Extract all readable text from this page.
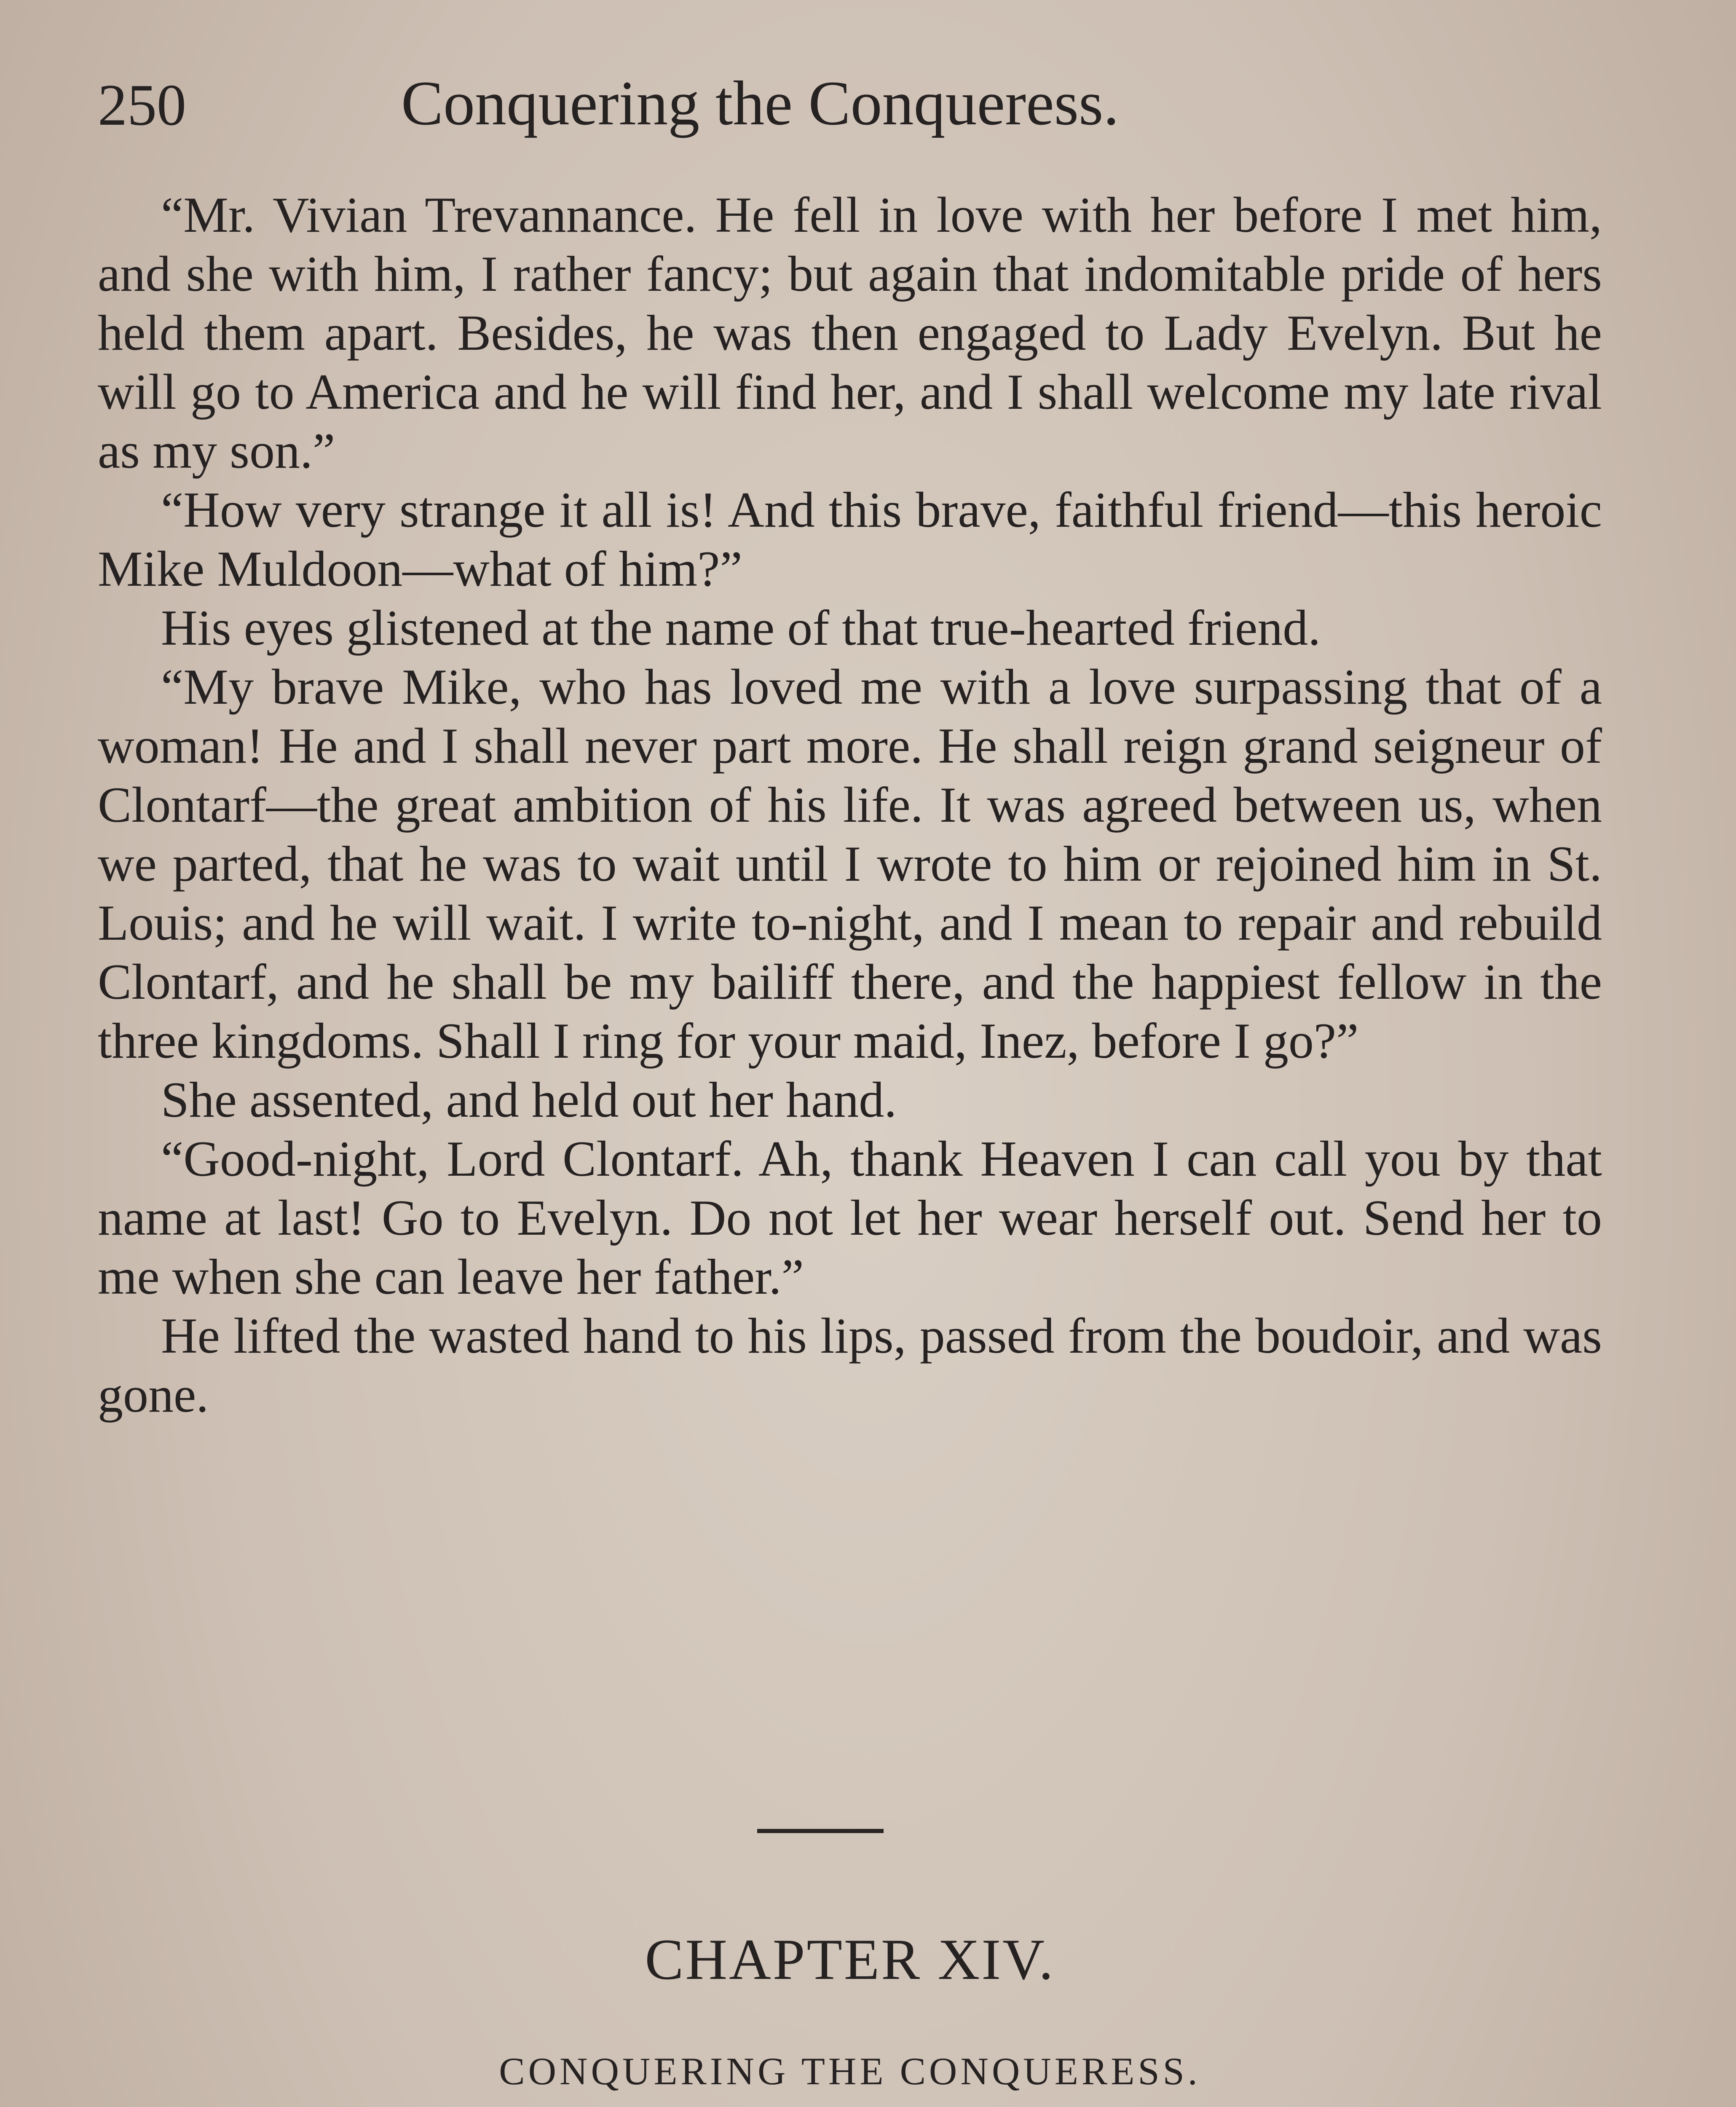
250	Conquering the Conqueress.

“Mr. Vivian Trevannance. He fell in love with her before I met him, and she with him, I rather fancy; but again that indomitable pride of hers held them apart. Besides, he was then engaged to Lady Evelyn. But he will go to America and he will find her, and I shall welcome my late rival as my son.”

“How very strange it all is! And this brave, faithful friend—this heroic Mike Muldoon—what of him?”

His eyes glistened at the name of that true-hearted friend.

“My brave Mike, who has loved me with a love surpassing that of a woman! He and I shall never part more. He shall reign grand seigneur of Clontarf—the great ambition of his life. It was agreed between us, when we parted, that he was to wait until I wrote to him or rejoined him in St. Louis; and he will wait. I write to-night, and I mean to repair and rebuild Clontarf, and he shall be my bailiff there, and the happiest fellow in the three kingdoms. Shall I ring for your maid, Inez, before I go?”

She assented, and held out her hand.

“Good-night, Lord Clontarf. Ah, thank Heaven I can call you by that name at last! Go to Evelyn. Do not let her wear herself out. Send her to me when she can leave her father.”

He lifted the wasted hand to his lips, passed from the boudoir, and was gone.

CHAPTER XIV.
CONQUERING THE CONQUERESS.
